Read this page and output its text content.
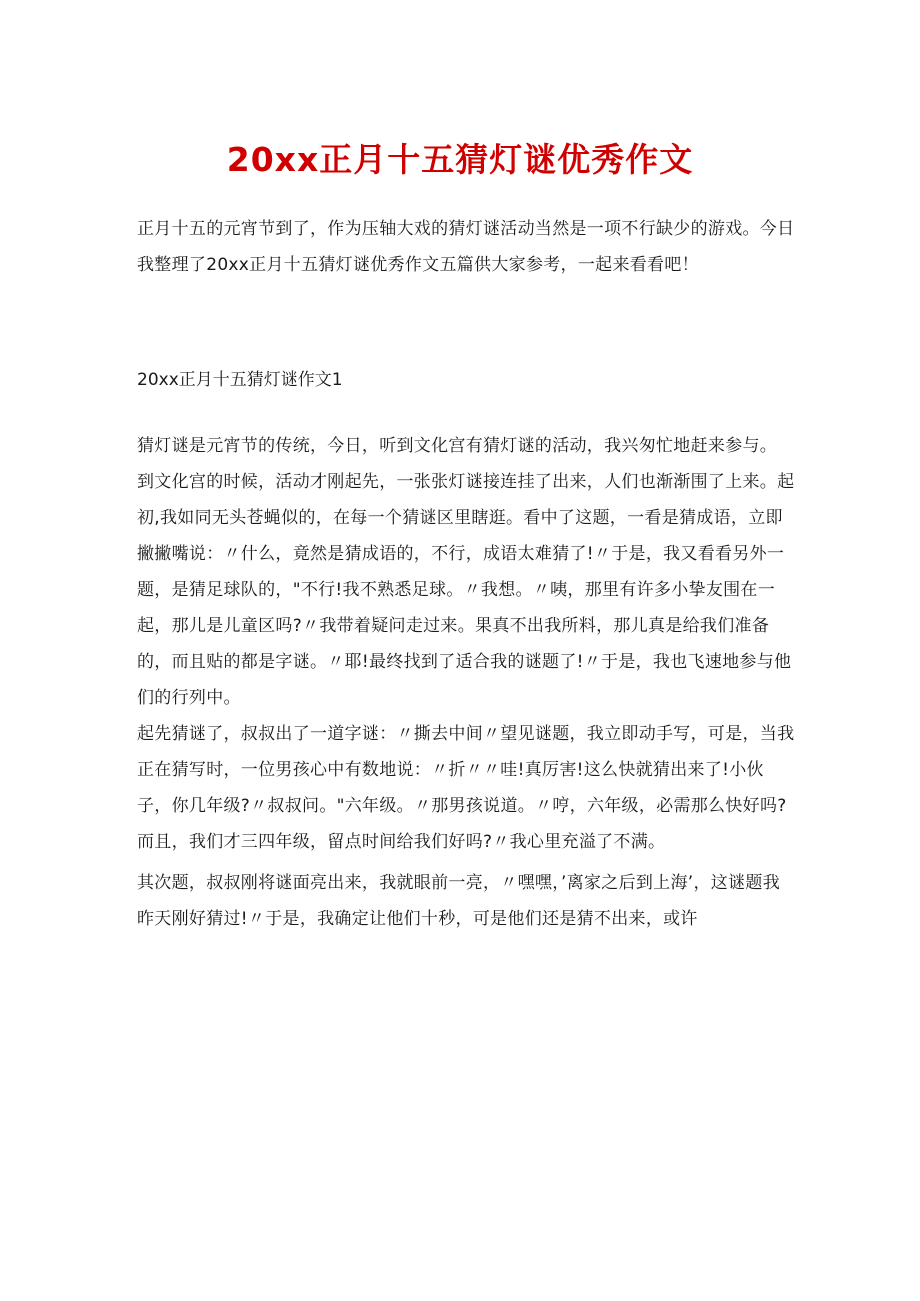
20xx正月十五猜灯谜优秀作文

正月十五的元宵节到了，作为压轴大戏的猜灯谜活动当然是一项不行缺少的游戏。今日我整理了20xx正月十五猜灯谜优秀作文五篇供大家参考，一起来看看吧！

20xx正月十五猜灯谜作文1

猜灯谜是元宵节的传统，今日，听到文化宫有猜灯谜的活动，我兴匆忙地赶来参与。

到文化宫的时候，活动才刚起先，一张张灯谜接连挂了出来，人们也渐渐围了上来。起初,我如同无头苍蝇似的，在每一个猜谜区里瞎逛。看中了这题，一看是猜成语，立即撇撇嘴说：〃什么，竟然是猜成语的，不行，成语太难猜了!〃于是，我又看看另外一题，是猜足球队的，"不行!我不熟悉足球。〃我想。〃咦，那里有许多小挚友围在一起，那儿是儿童区吗?〃我带着疑问走过来。果真不出我所料，那儿真是给我们准备的，而且贴的都是字谜。〃耶!最终找到了适合我的谜题了!〃于是，我也飞速地参与他们的行列中。

起先猜谜了，叔叔出了一道字谜：〃撕去中间〃望见谜题，我立即动手写，可是，当我正在猜写时，一位男孩心中有数地说：〃折〃〃哇!真厉害!这么快就猜出来了!小伙子，你几年级?〃叔叔问。"六年级。〃那男孩说道。〃哼，六年级，必需那么快好吗?而且，我们才三四年级，留点时间给我们好吗?〃我心里充溢了不满。

其次题，叔叔刚将谜面亮出来，我就眼前一亮，〃嘿嘿，’离家之后到上海’，这谜题我昨天刚好猜过!〃于是，我确定让他们十秒，可是他们还是猜不出来，或许
